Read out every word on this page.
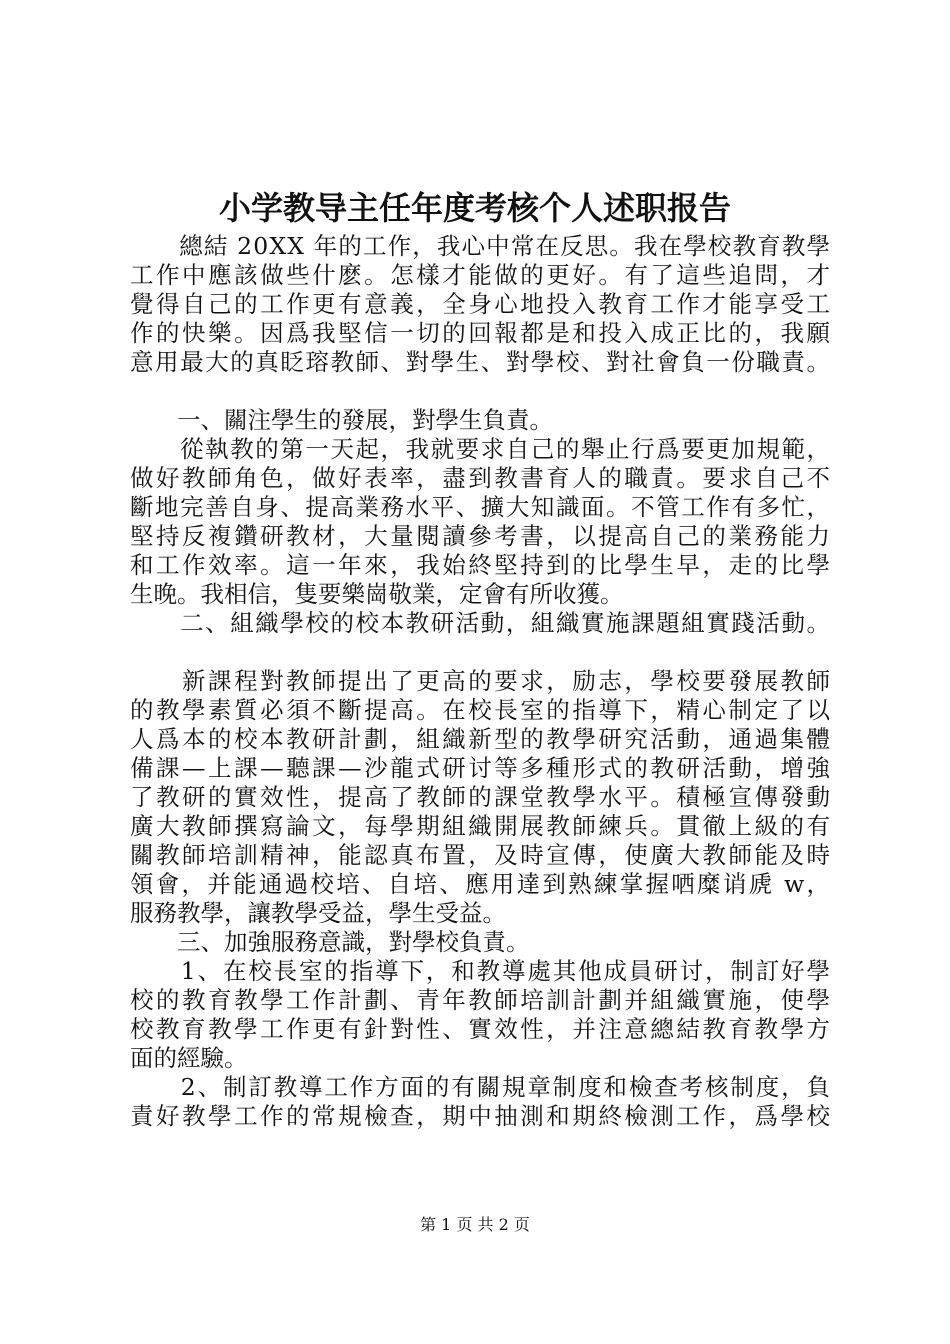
小学教导主任年度考核个人述职报告
　　總結 20XX 年的工作，我心中常在反思。我在學校教育教學
工作中應該做些什麽。怎樣才能做的更好。有了這些追問，才
覺得自己的工作更有意義，全身心地投入教育工作才能享受工
作的快樂。因爲我堅信一切的回報都是和投入成正比的，我願
意用最大的真眨瑢教師、對學生、對學校、對社會負一份職責。
　　一、關注學生的發展，對學生負責。
　　從執教的第一天起，我就要求自己的舉止行爲要更加規範，
做好教師角色，做好表率，盡到教書育人的職責。要求自己不
斷地完善自身、提高業務水平、擴大知識面。不管工作有多忙，
堅持反複鑽研教材，大量閱讀參考書，以提高自己的業務能力
和工作效率。這一年來，我始終堅持到的比學生早，走的比學
生晚。我相信，隻要樂崗敬業，定會有所收獲。
　　二、組織學校的校本教研活動，組織實施課題組實踐活動。
　　新課程對教師提出了更高的要求，励志，學校要發展教師
的教學素質必須不斷提高。在校長室的指導下，精心制定了以
人爲本的校本教研計劃，組織新型的教學研究活動，通過集體
備課—上課—聽課—沙龍式研讨等多種形式的教研活動，增強
了教研的實效性，提高了教師的課堂教學水平。積極宣傳發動
廣大教師撰寫論文，每學期組織開展教師練兵。貫徹上級的有
關教師培訓精神，能認真布置，及時宣傳，使廣大教師能及時
領會，并能通過校培、自培、應用達到熟練掌握哂糜诮虒 w，
服務教學，讓教學受益，學生受益。
　　三、加強服務意識，對學校負責。
　　1、在校長室的指導下，和教導處其他成員研讨，制訂好學
校的教育教學工作計劃、青年教師培訓計劃并組織實施，使學
校教育教學工作更有針對性、實效性，并注意總結教育教學方
面的經驗。
　　2、制訂教導工作方面的有關規章制度和檢查考核制度，負
責好教學工作的常規檢查，期中抽測和期終檢測工作，爲學校
第 1 页 共 2 页
